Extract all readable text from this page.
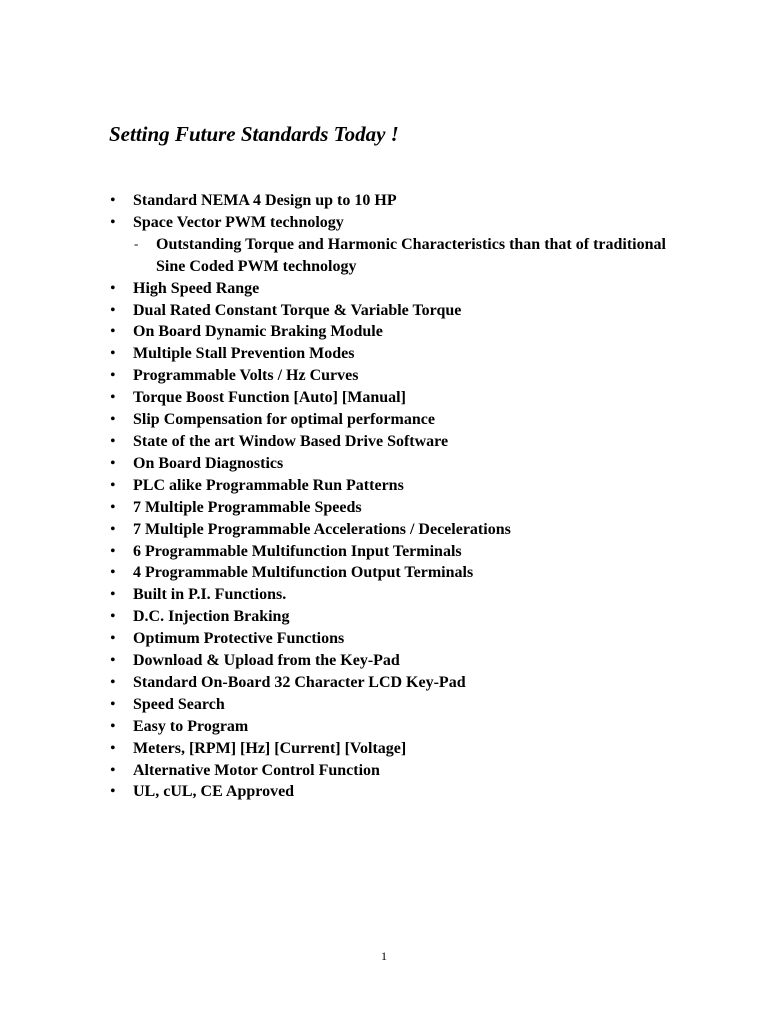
Setting Future Standards Today !
• Standard NEMA 4 Design up to 10 HP
• Space Vector PWM technology
- Outstanding Torque and Harmonic Characteristics than that of traditional Sine Coded PWM technology
• High Speed Range
• Dual Rated Constant Torque & Variable Torque
• On Board Dynamic Braking Module
• Multiple Stall Prevention Modes
• Programmable Volts / Hz Curves
• Torque Boost Function [Auto] [Manual]
• Slip Compensation for optimal performance
• State of the art Window Based Drive Software
• On Board Diagnostics
• PLC alike Programmable Run Patterns
• 7 Multiple Programmable Speeds
• 7 Multiple Programmable Accelerations / Decelerations
• 6 Programmable Multifunction Input Terminals
• 4 Programmable Multifunction Output Terminals
• Built in P.I. Functions.
• D.C. Injection Braking
• Optimum Protective Functions
• Download & Upload from the Key-Pad
• Standard On-Board 32 Character LCD Key-Pad
• Speed Search
• Easy to Program
• Meters, [RPM] [Hz] [Current] [Voltage]
• Alternative Motor Control Function
• UL, cUL, CE Approved
1
